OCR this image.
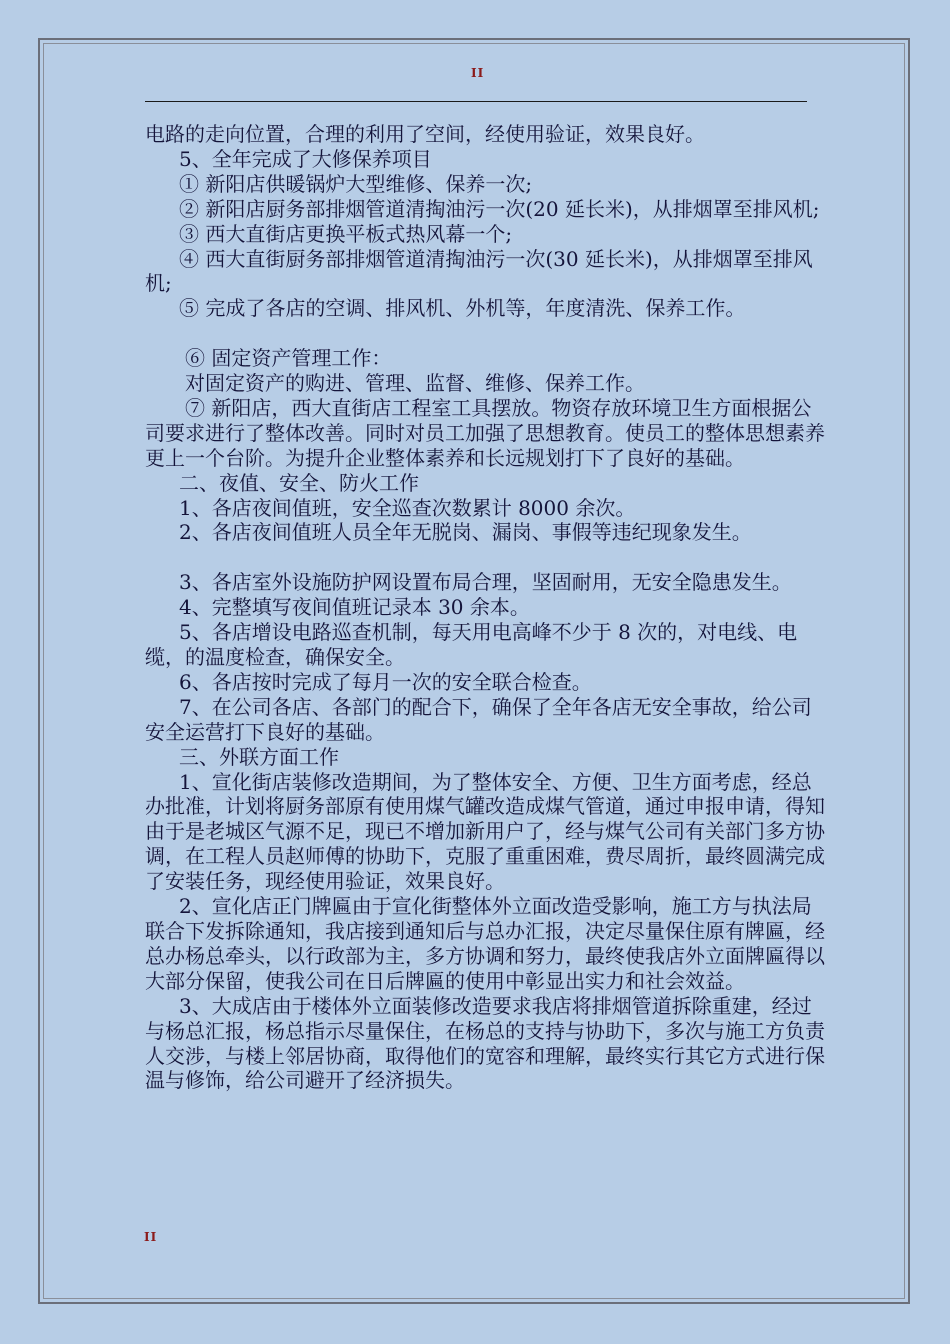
II

电路的走向位置，合理的利用了空间，经使用验证，效果良好。

5、全年完成了大修保养项目

① 新阳店供暖锅炉大型维修、保养一次;

② 新阳店厨务部排烟管道清掏油污一次(20 延长米)，从排烟罩至排风机;

③ 西大直街店更换平板式热风幕一个;

④ 西大直街厨务部排烟管道清掏油污一次(30 延长米)，从排烟罩至排风机;

⑤ 完成了各店的空调、排风机、外机等，年度清洗、保养工作。

⑥ 固定资产管理工作：

对固定资产的购进、管理、监督、维修、保养工作。

⑦ 新阳店，西大直街店工程室工具摆放。物资存放环境卫生方面根据公司要求进行了整体改善。同时对员工加强了思想教育。使员工的整体思想素养更上一个台阶。为提升企业整体素养和长远规划打下了良好的基础。

二、夜值、安全、防火工作

1、各店夜间值班，安全巡查次数累计 8000 余次。

2、各店夜间值班人员全年无脱岗、漏岗、事假等违纪现象发生。

3、各店室外设施防护网设置布局合理，坚固耐用，无安全隐患发生。

4、完整填写夜间值班记录本 30 余本。

5、各店增设电路巡查机制，每天用电高峰不少于 8 次的，对电线、电缆，的温度检查，确保安全。

6、各店按时完成了每月一次的安全联合检查。

7、在公司各店、各部门的配合下，确保了全年各店无安全事故，给公司安全运营打下良好的基础。

三、外联方面工作

1、宣化街店装修改造期间，为了整体安全、方便、卫生方面考虑，经总办批准，计划将厨务部原有使用煤气罐改造成煤气管道，通过申报申请，得知由于是老城区气源不足，现已不增加新用户了，经与煤气公司有关部门多方协调，在工程人员赵师傅的协助下，克服了重重困难，费尽周折，最终圆满完成了安装任务，现经使用验证，效果良好。

2、宣化店正门牌匾由于宣化街整体外立面改造受影响，施工方与执法局联合下发拆除通知，我店接到通知后与总办汇报，决定尽量保住原有牌匾，经总办杨总牵头，以行政部为主，多方协调和努力，最终使我店外立面牌匾得以大部分保留，使我公司在日后牌匾的使用中彰显出实力和社会效益。

3、大成店由于楼体外立面装修改造要求我店将排烟管道拆除重建，经过与杨总汇报，杨总指示尽量保住，在杨总的支持与协助下，多次与施工方负责人交涉，与楼上邻居协商，取得他们的宽容和理解，最终实行其它方式进行保温与修饰，给公司避开了经济损失。

II
